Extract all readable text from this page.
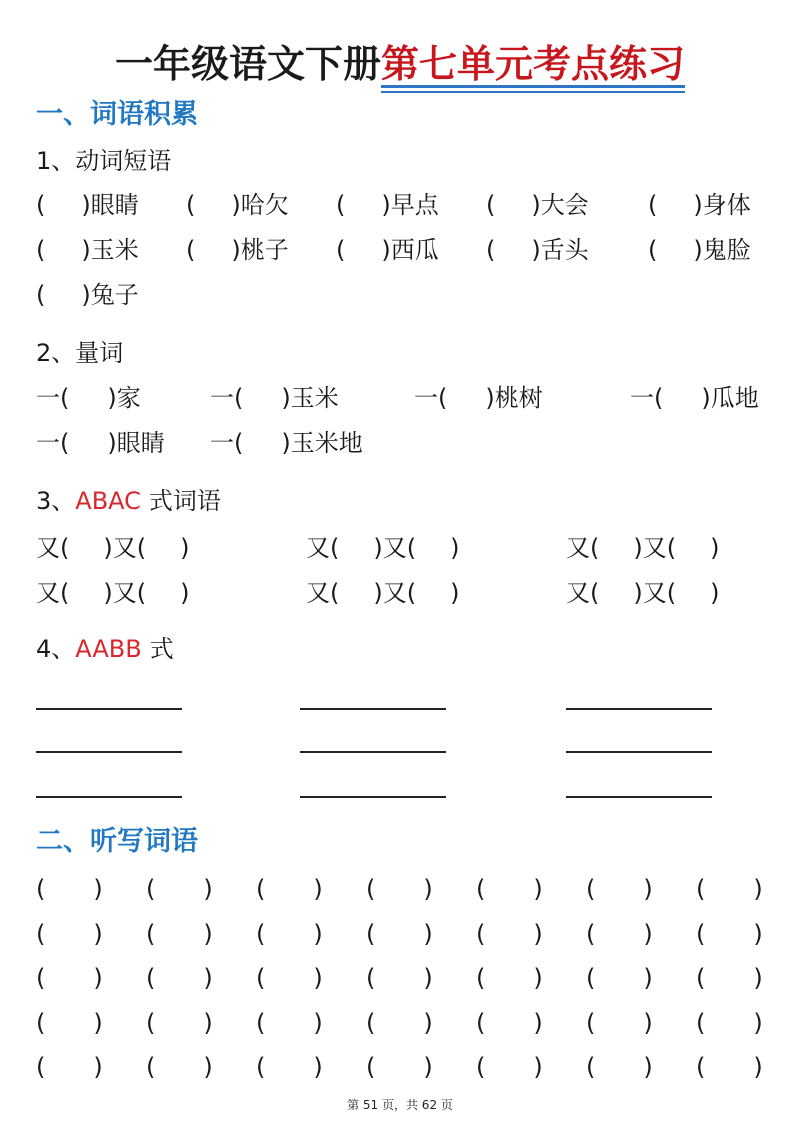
一年级语文下册第七单元考点练习
一、词语积累
1、动词短语
( )眼睛 ( )哈欠 ( )早点 ( )大会 ( )身体
( )玉米 ( )桃子 ( )西瓜 ( )舌头 ( )鬼脸
( )兔子
2、量词
一( )家	一( )玉米	一( )桃树	一( )瓜地
一( )眼睛 一( )玉米地
3、ABAC 式词语
又( )又( )	又( )又( )	又( )又( )
又( )又( )	又( )又( )	又( )又( )
4、AABB 式
二、听写词语
( ) ( ) ( ) ( ) ( ) ( ) ( )
( ) ( ) ( ) ( ) ( ) ( ) ( )
( ) ( ) ( ) ( ) ( ) ( ) ( )
( ) ( ) ( ) ( ) ( ) ( ) ( )
( ) ( ) ( ) ( ) ( ) ( ) ( )
第 51 页，共 62 页
